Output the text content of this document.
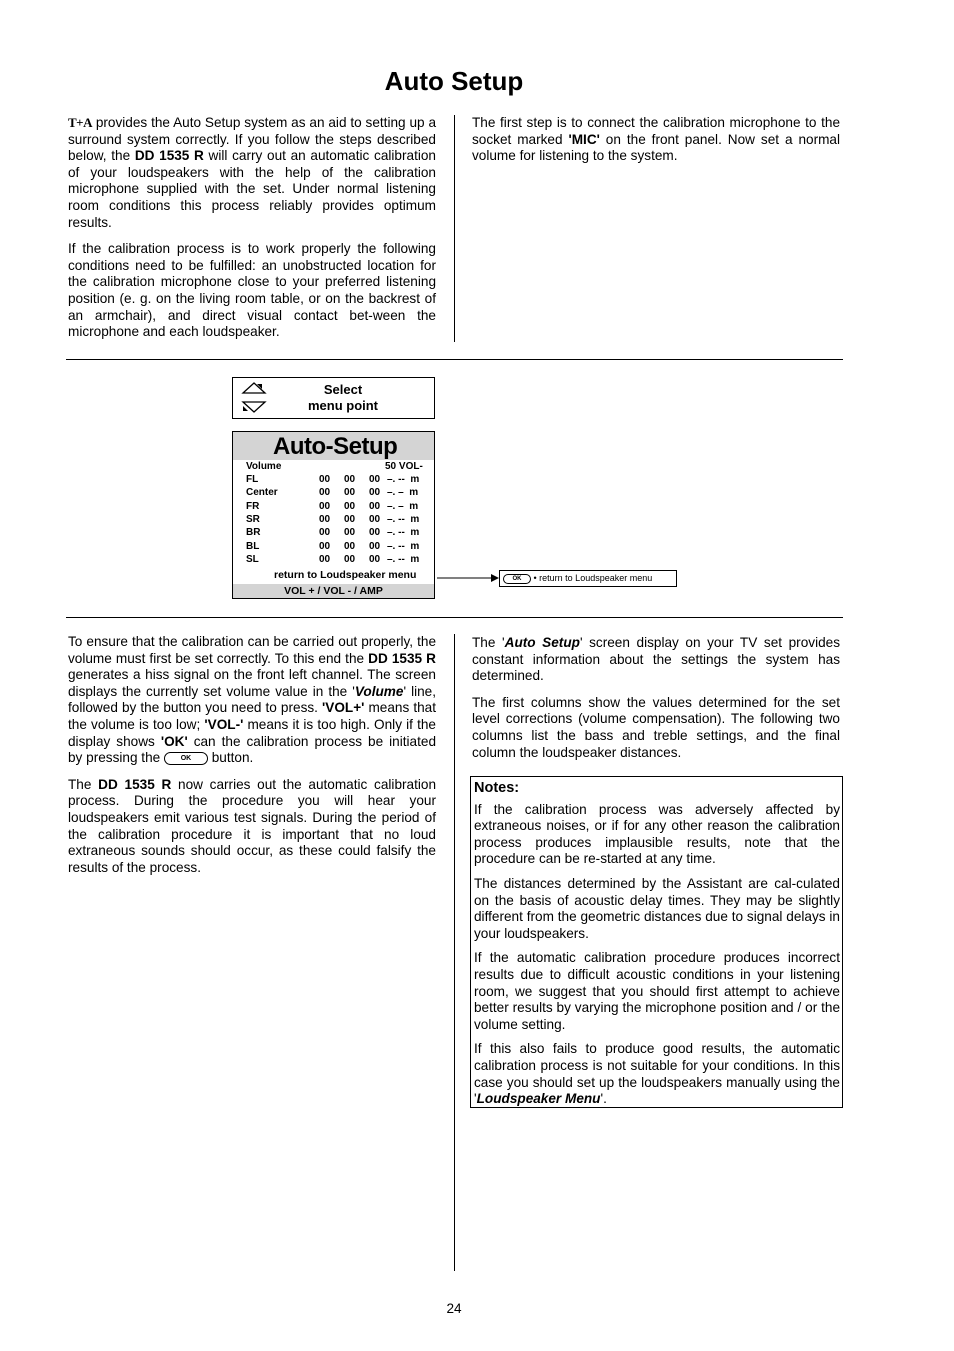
Auto Setup

T+A provides the Auto Setup system as an aid to setting up a surround system correctly. If you follow the steps described below, the DD 1535 R will carry out an automatic calibration of your loudspeakers with the help of the calibration microphone supplied with the set. Under normal listening room conditions this process reliably provides optimum results.

If the calibration process is to work properly the following conditions need to be fulfilled: an unobstructed location for the calibration microphone close to your preferred listening position (e. g. on the living room table, or on the backrest of an armchair), and direct visual contact bet-ween the microphone and each loudspeaker.

The first step is to connect the calibration microphone to the socket marked 'MIC' on the front panel. Now set a normal volume for listening to the system.

Select
menu point
Auto-Setup
Volume	50 VOL-
FL	00 00 00 –. --  m
Center	00 00 00 –. –  m
FR	00 00 00 –. –  m
SR	00 00 00 –. --  m
BR	00 00 00 –. --  m
BL	00 00 00 –. --  m
SL	00 00 00 –. --  m
return to Loudspeaker menu
VOL + / VOL - / AMP
OK • return to Loudspeaker menu

To ensure that the calibration can be carried out properly, the volume must first be set correctly. To this end the DD 1535 R generates a hiss signal on the front left channel. The screen displays the currently set volume value in the 'Volume' line, followed by the button you need to press. 'VOL+' means that the volume is too low; 'VOL-' means it is too high. Only if the display shows 'OK' can the calibration process be initiated by pressing the OK button.

The DD 1535 R now carries out the automatic calibration process. During the procedure you will hear your loudspeakers emit various test signals. During the period of the calibration procedure it is important that no loud extraneous sounds should occur, as these could falsify the results of the process.

The 'Auto Setup' screen display on your TV set provides constant information about the settings the system has determined.

The first columns show the values determined for the set level corrections (volume compensation). The following two columns list the bass and treble settings, and the final column the loudspeaker distances.

Notes:

If the calibration process was adversely affected by extraneous noises, or if for any other reason the calibration process produces implausible results, note that the procedure can be re-started at any time.

The distances determined by the Assistant are cal-culated on the basis of acoustic delay times. They may be slightly different from the geometric distances due to signal delays in your loudspeakers.

If the automatic calibration procedure produces incorrect results due to difficult acoustic conditions in your listening room, we suggest that you should first attempt to achieve better results by varying the microphone position and / or the volume setting.

If this also fails to produce good results, the automatic calibration process is not suitable for your conditions. In this case you should set up the loudspeakers manually using the 'Loudspeaker Menu'.

24
